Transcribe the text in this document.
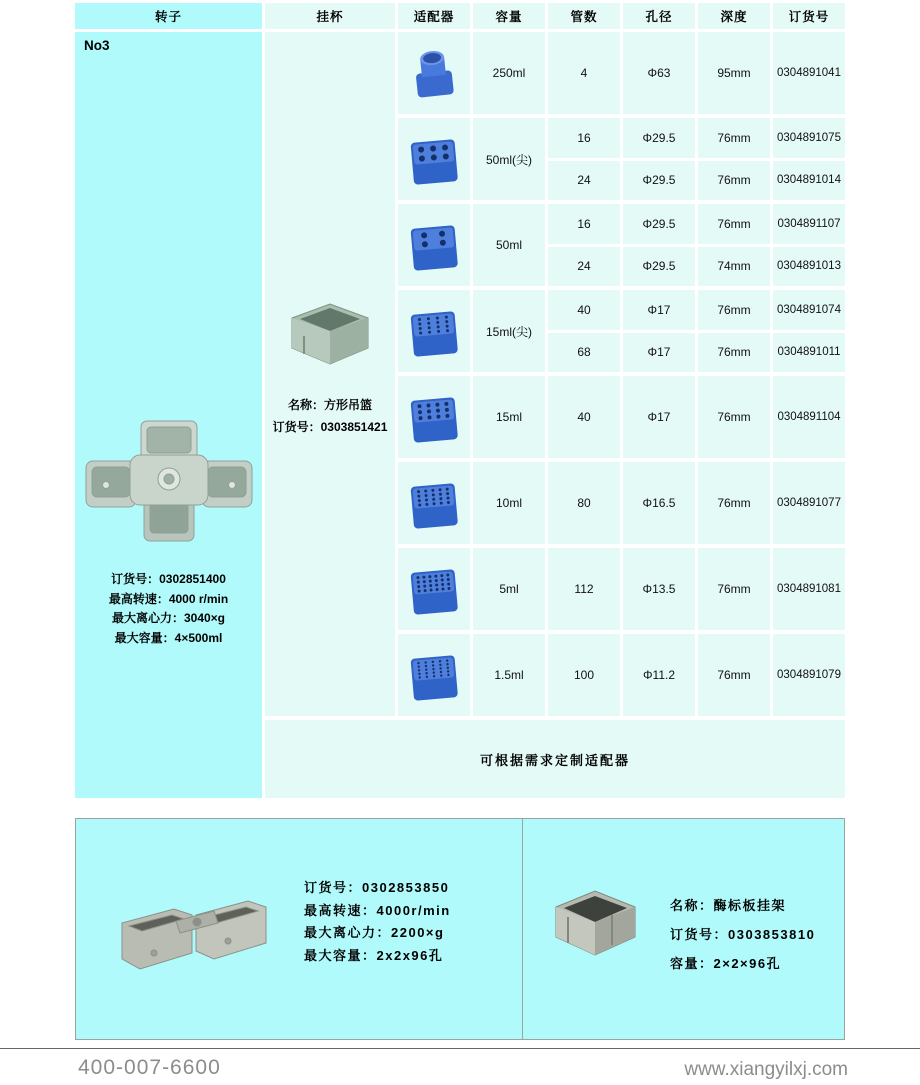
转子	挂杯	适配器	容量	管数	孔径	深度	订货号
No3
订货号：0302851400
最高转速：4000 r/min
最大离心力：3040×g
最大容量：4×500ml
名称：方形吊篮
订货号：0303851421
250ml	4	Φ63	95mm	0304891041
50ml(尖)
16	Φ29.5	76mm	0304891075
24	Φ29.5	76mm	0304891014
50ml
16	Φ29.5	76mm	0304891107
24	Φ29.5	74mm	0304891013
15ml(尖)
40	Φ17	76mm	0304891074
68	Φ17	76mm	0304891011
15ml	40	Φ17	76mm	0304891104
10ml	80	Φ16.5	76mm	0304891077
5ml	112	Φ13.5	76mm	0304891081
1.5ml	100	Φ11.2	76mm	0304891079
可根据需求定制适配器
订货号：0302853850
最高转速：4000r/min
最大离心力：2200×g
最大容量：2x2x96孔
名称：酶标板挂架
订货号：0303853810
容量：2×2×96孔
400-007-6600	www.xiangyilxj.com
